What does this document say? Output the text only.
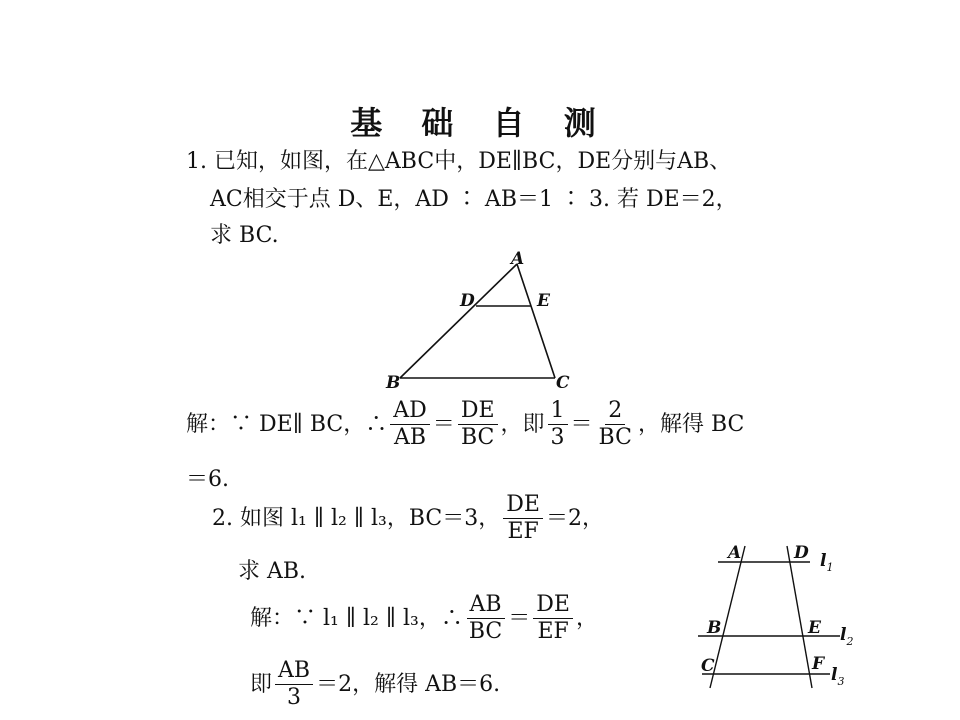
基 础 自 测
1. 已知，如图，在△ABC中，DE∥BC，DE分别与AB、
AC相交于点 D、E，AD ∶ AB＝1 ∶ 3. 若 DE＝2，
求 BC.
A
D	E
B	C
解：∵ DE∥ BC，∴ $\frac{AD}{AB} = \frac{DE}{BC}$ ，即 $\frac{1}{3} = \frac{2}{BC}$ ，解得 BC
＝6.
2. 如图 l₁ ∥ l₂ ∥ l₃，BC＝3， $\frac{DE}{EF} =2$，
求 AB.
解：∵ l₁ ∥ l₂ ∥ l₃，∴ $\frac{AB}{BC} = \frac{DE}{EF}$ ，
即 $\frac{AB}{3} =2$，解得 AB＝6.
A	D
B	E
C	F
$l_1$
$l_2$
$l_3$
